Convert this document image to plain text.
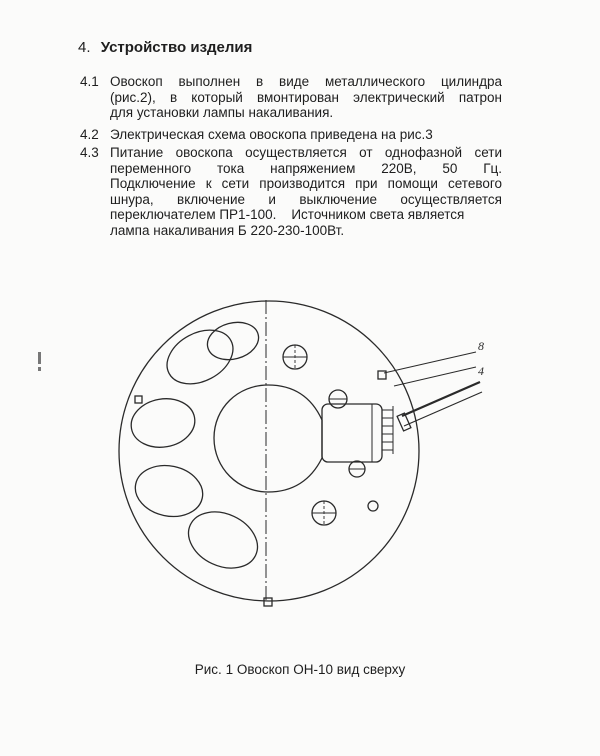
4. Устройство изделия
4.1 Овоскоп выполнен в виде металлического цилиндра
(рис.2), в который вмонтирован электрический патрон
для установки лампы накаливания.
4.2 Электрическая схема овоскопа приведена на рис.3
4.3 Питание овоскопа осуществляется от однофазной сети
переменного тока напряжением 220В, 50 Гц.
Подключение к сети производится при помощи сетевого
шнура, включение и выключение осуществляется
переключателем ПР1-100.    Источником света является
лампа накаливания Б 220-230-100Вт.
8
4
Рис. 1 Овоскоп ОН-10 вид сверху
